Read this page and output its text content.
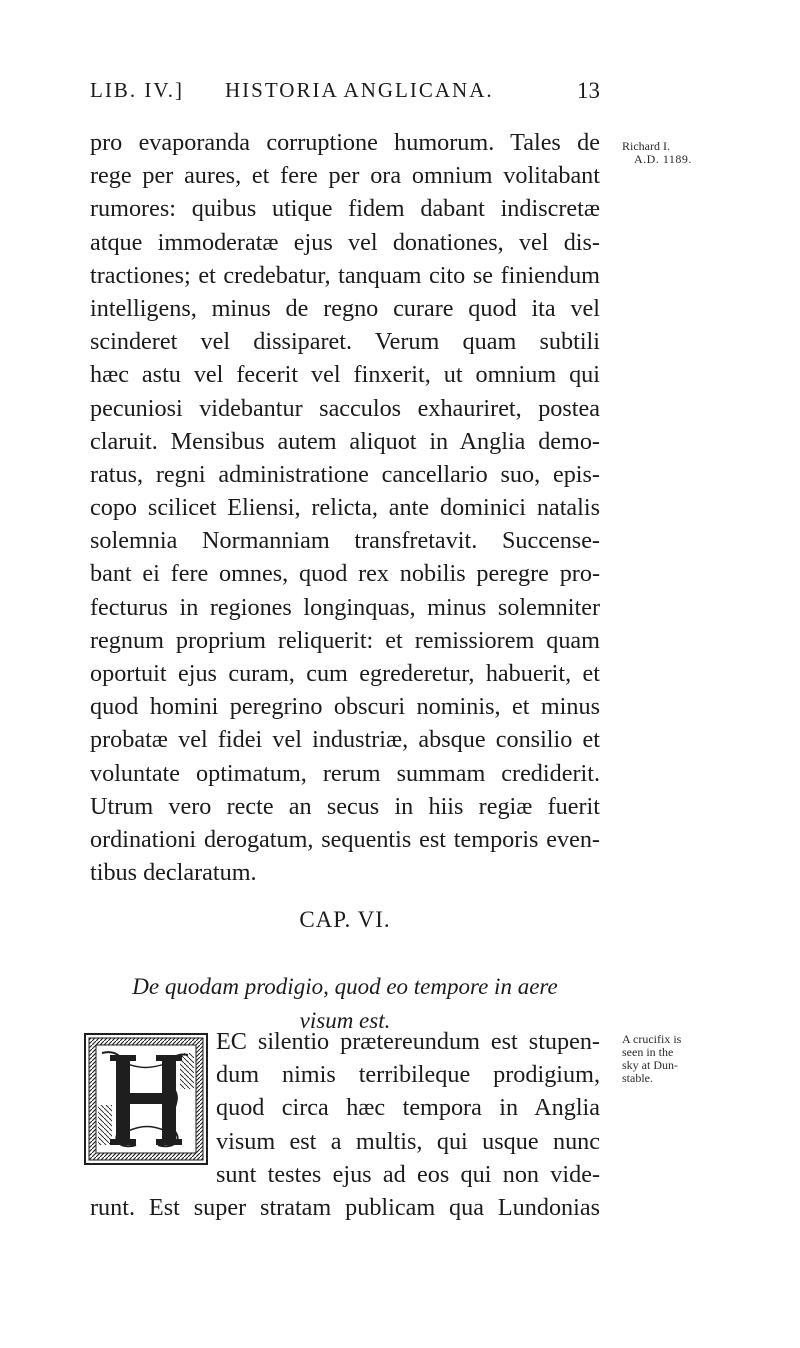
LIB. IV.] HISTORIA ANGLICANA.	13
pro evaporanda corruptione humorum. Tales de
rege per aures, et fere per ora omnium volitabant
rumores: quibus utique fidem dabant indiscretæ
atque immoderatæ ejus vel donationes, vel dis-
tractiones; et credebatur, tanquam cito se finiendum
intelligens, minus de regno curare quod ita vel
scinderet vel dissiparet. Verum quam subtili
hæc astu vel fecerit vel finxerit, ut omnium qui
pecuniosi videbantur sacculos exhauriret, postea
claruit. Mensibus autem aliquot in Anglia demo-
ratus, regni administratione cancellario suo, epis-
copo scilicet Eliensi, relicta, ante dominici natalis
solemnia Normanniam transfretavit. Succense-
bant ei fere omnes, quod rex nobilis peregre pro-
fecturus in regiones longinquas, minus solemniter
regnum proprium reliquerit: et remissiorem quam
oportuit ejus curam, cum egrederetur, habuerit, et
quod homini peregrino obscuri nominis, et minus
probatæ vel fidei vel industriæ, absque consilio et
voluntate optimatum, rerum summam crediderit.
Utrum vero recte an secus in hiis regiæ fuerit
ordinationi derogatum, sequentis est temporis even-
tibus declaratum.
Richard I.
A.D. 1189.
CAP. VI.
De quodam prodigio, quod eo tempore in aere
visum est.
EC silentio prætereundum est stupen-
dum nimis terribileque prodigium,
quod circa hæc tempora in Anglia
visum est a multis, qui usque nunc
sunt testes ejus ad eos qui non vide-
runt. Est super stratam publicam qua Lundonias
A crucifix is
seen in the
sky at Dun-
stable.
